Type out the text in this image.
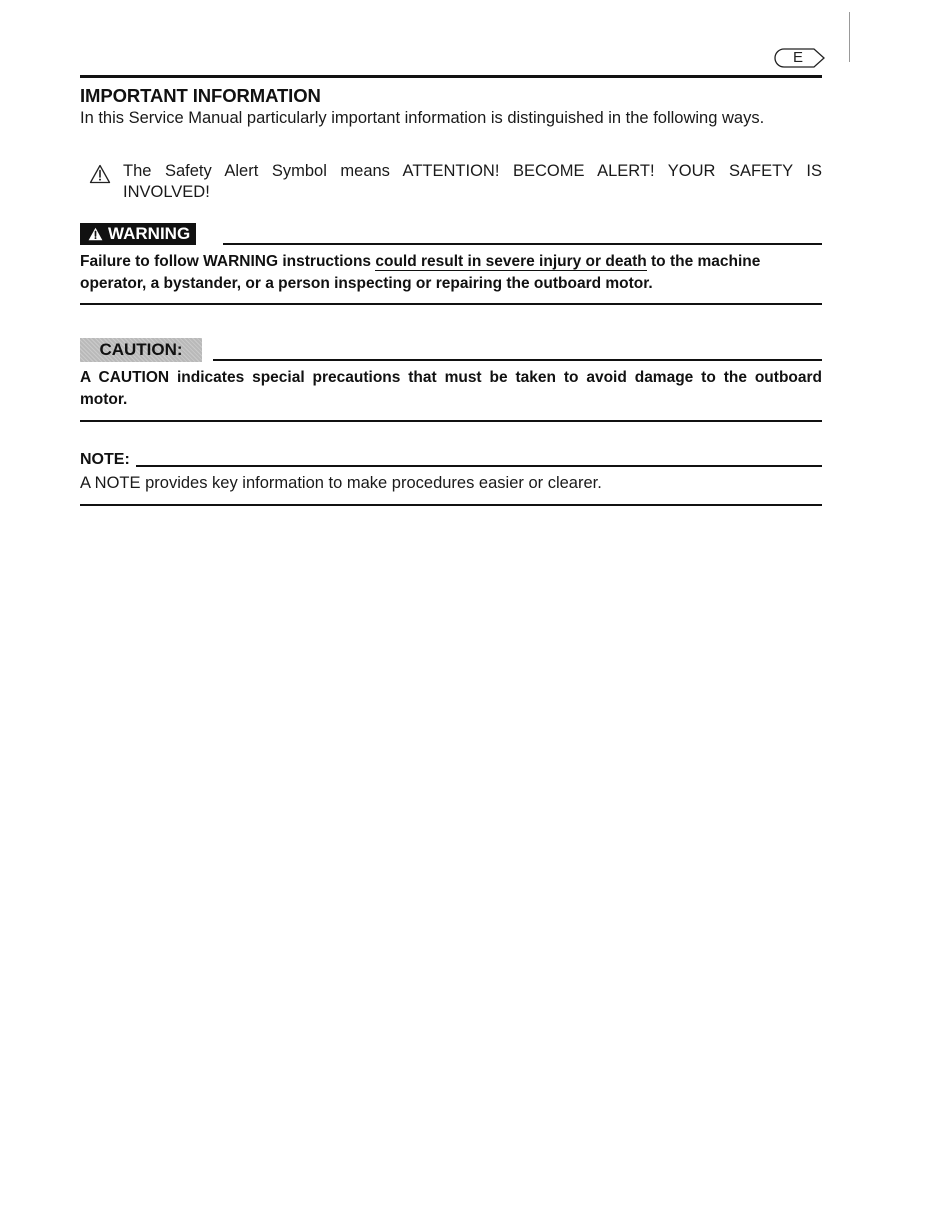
E
IMPORTANT INFORMATION
In this Service Manual particularly important information is distinguished in the following ways.
The Safety Alert Symbol means ATTENTION! BECOME ALERT! YOUR SAFETY IS INVOLVED!
WARNING
Failure to follow WARNING instructions could result in severe injury or death to the machine operator, a bystander, or a person inspecting or repairing the outboard motor.
CAUTION:
A CAUTION indicates special precautions that must be taken to avoid damage to the outboard motor.
NOTE:
A NOTE provides key information to make procedures easier or clearer.
